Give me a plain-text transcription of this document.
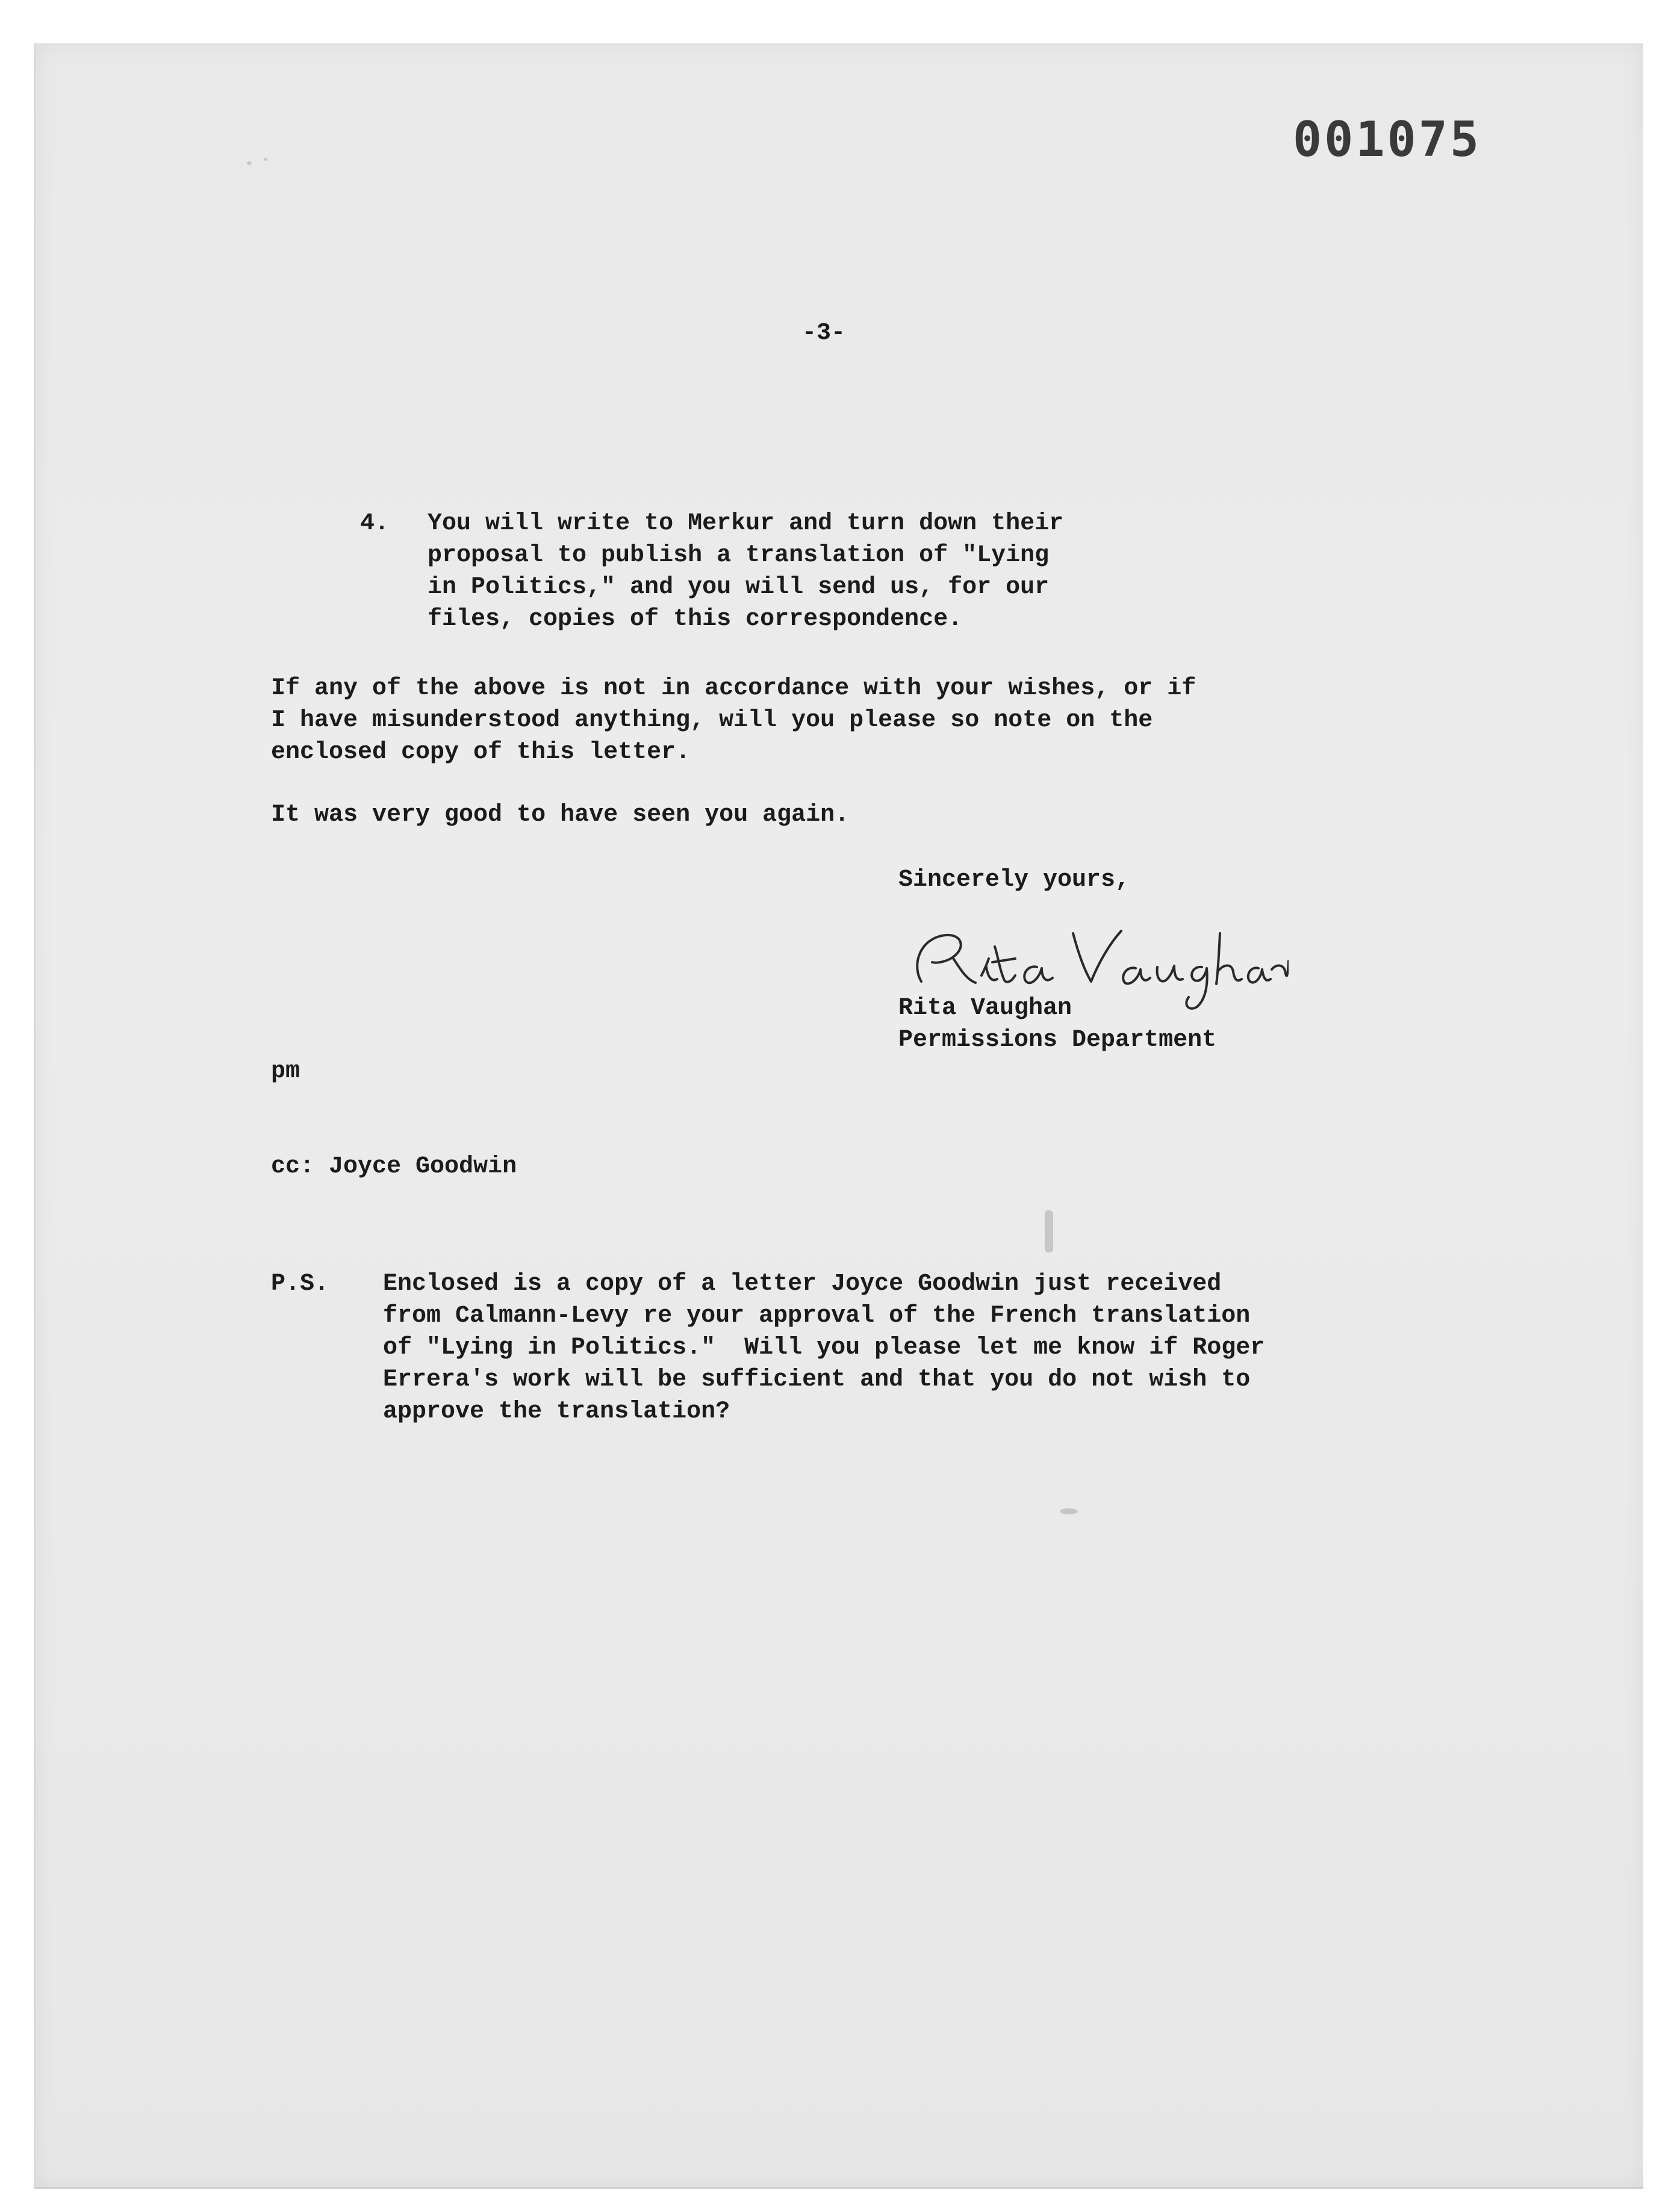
001075

-3-

4. You will write to Merkur and turn down their
proposal to publish a translation of "Lying
in Politics," and you will send us, for our
files, copies of this correspondence.

If any of the above is not in accordance with your wishes, or if
I have misunderstood anything, will you please so note on the
enclosed copy of this letter.

It was very good to have seen you again.

Sincerely yours,

Rita Vaughan

Permissions Department

pm

cc: Joyce Goodwin

P.S. Enclosed is a copy of a letter Joyce Goodwin just received
from Calmann-Levy re your approval of the French translation
of "Lying in Politics."  Will you please let me know if Roger
Errera's work will be sufficient and that you do not wish to
approve the translation?
